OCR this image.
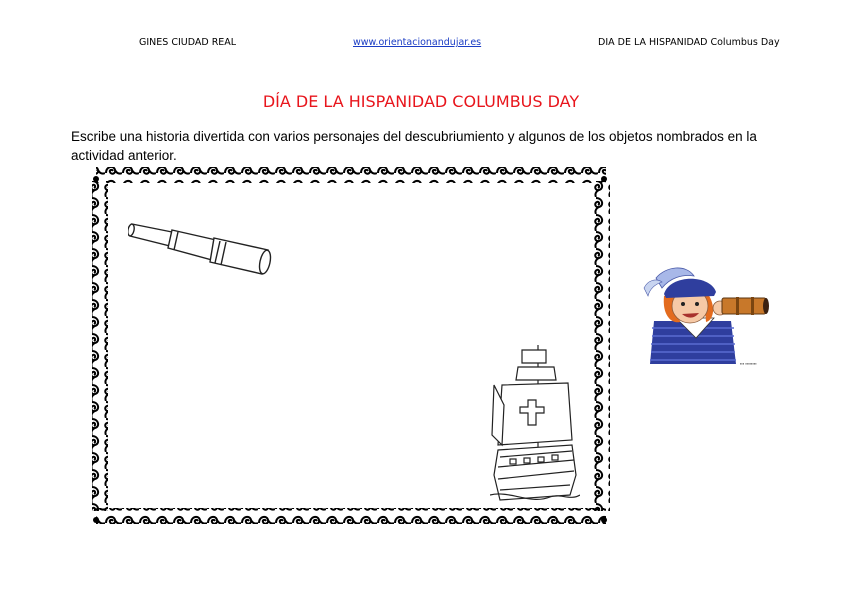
GINES CIUDAD REAL	www.orientacionandujar.es	DIA DE LA HISPANIDAD Columbus Day
DÍA DE LA HISPANIDAD COLUMBUS DAY
Escribe una historia divertida con varios personajes del descubriumiento y algunos de los objetos nombrados en la actividad anterior.
▪▪▪ ▪▪▪▪▪▪▪▪
